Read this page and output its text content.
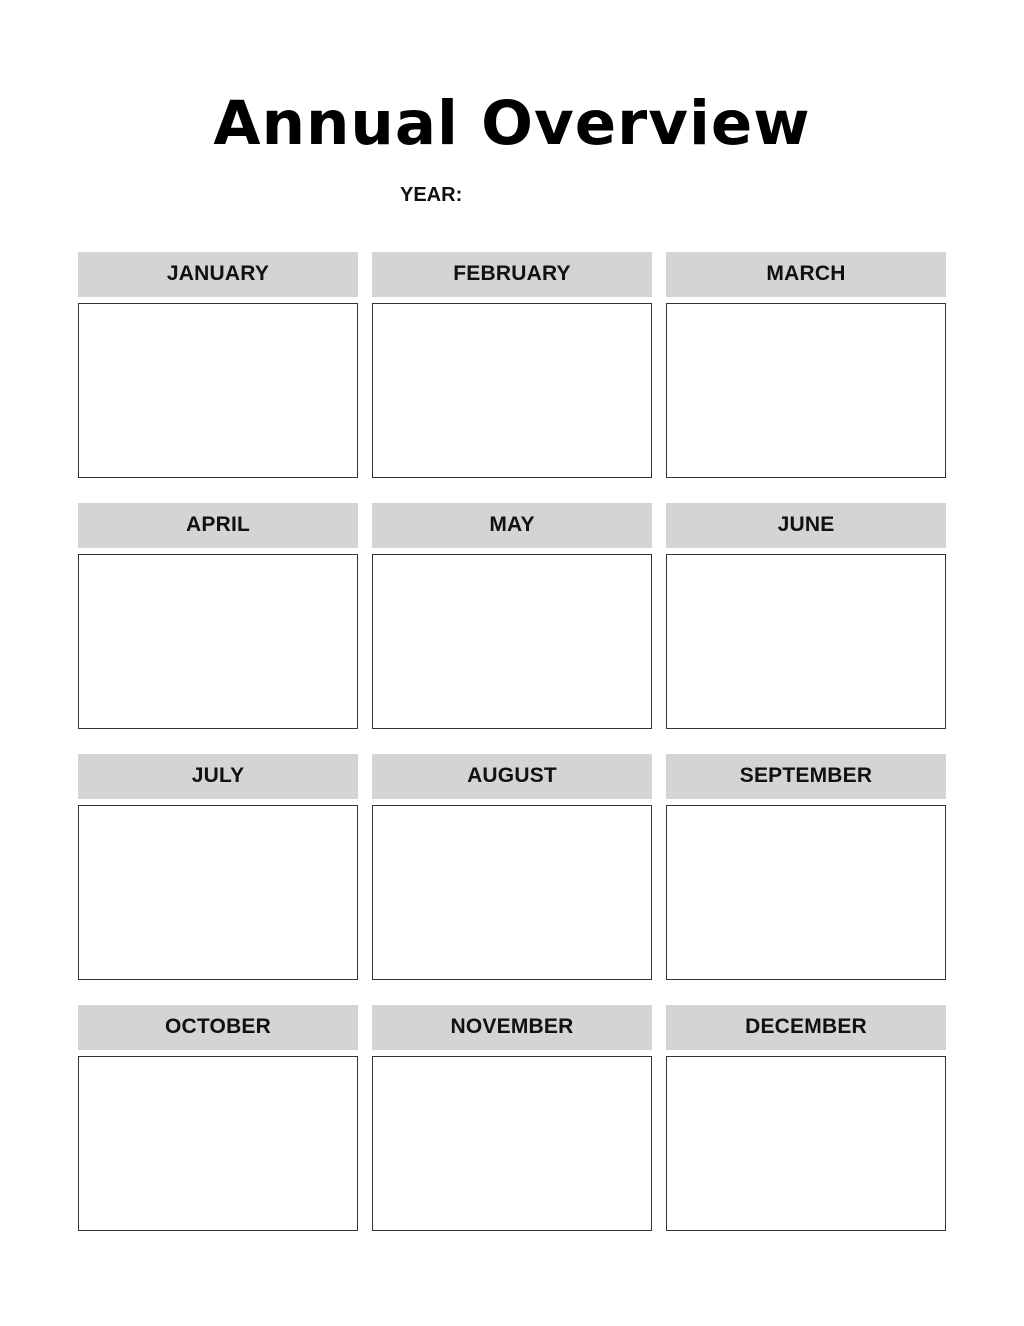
Annual Overview
YEAR:
JANUARY	FEBRUARY	MARCH
APRIL	MAY	JUNE
JULY	AUGUST	SEPTEMBER
OCTOBER	NOVEMBER	DECEMBER
